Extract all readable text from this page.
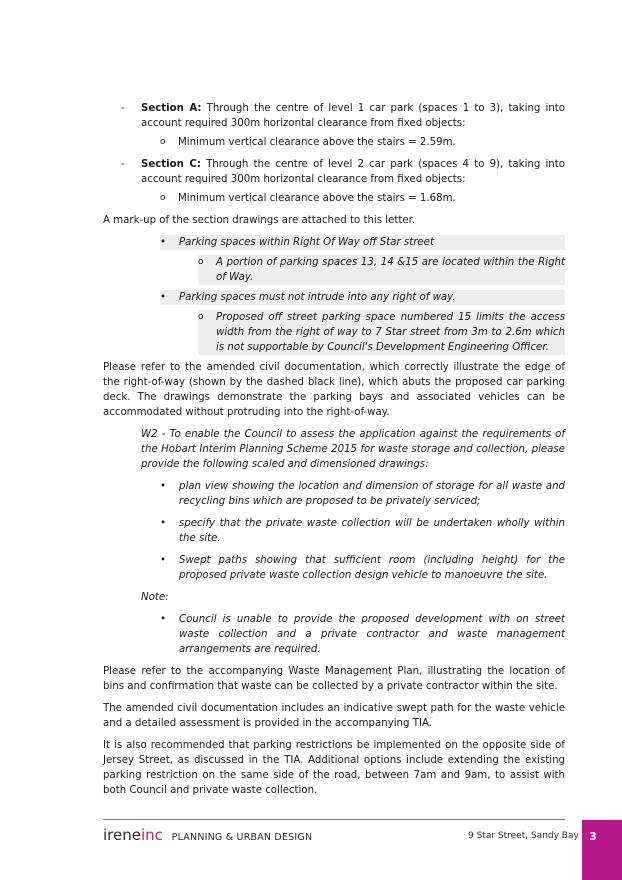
- Section A: Through the centre of level 1 car park (spaces 1 to 3), taking into account required 300m horizontal clearance from fixed objects:
o Minimum vertical clearance above the stairs = 2.59m.
- Section C: Through the centre of level 2 car park (spaces 4 to 9), taking into account required 300m horizontal clearance from fixed objects:
o Minimum vertical clearance above the stairs = 1.68m.

A mark-up of the section drawings are attached to this letter.

• Parking spaces within Right Of Way off Star street
o A portion of parking spaces 13, 14 &15 are located within the Right of Way.
• Parking spaces must not intrude into any right of way.
o Proposed off street parking space numbered 15 limits the access width from the right of way to 7 Star street from 3m to 2.6m which is not supportable by Council's Development Engineering Officer.

Please refer to the amended civil documentation, which correctly illustrate the edge of the right-of-way (shown by the dashed black line), which abuts the proposed car parking deck. The drawings demonstrate the parking bays and associated vehicles can be accommodated without protruding into the right-of-way.

W2 - To enable the Council to assess the application against the requirements of the Hobart Interim Planning Scheme 2015 for waste storage and collection, please provide the following scaled and dimensioned drawings:
• plan view showing the location and dimension of storage for all waste and recycling bins which are proposed to be privately serviced;
• specify that the private waste collection will be undertaken wholly within the site.
• Swept paths showing that sufficient room (including height) for the proposed private waste collection design vehicle to manoeuvre the site.
Note:
• Council is unable to provide the proposed development with on street waste collection and a private contractor and waste management arrangements are required.

Please refer to the accompanying Waste Management Plan, illustrating the location of bins and confirmation that waste can be collected by a private contractor within the site.

The amended civil documentation includes an indicative swept path for the waste vehicle and a detailed assessment is provided in the accompanying TIA.

It is also recommended that parking restrictions be implemented on the opposite side of Jersey Street, as discussed in the TIA. Additional options include extending the existing parking restriction on the same side of the road, between 7am and 9am, to assist with both Council and private waste collection.

ireneinc PLANNING & URBAN DESIGN	9 Star Street, Sandy Bay	3
